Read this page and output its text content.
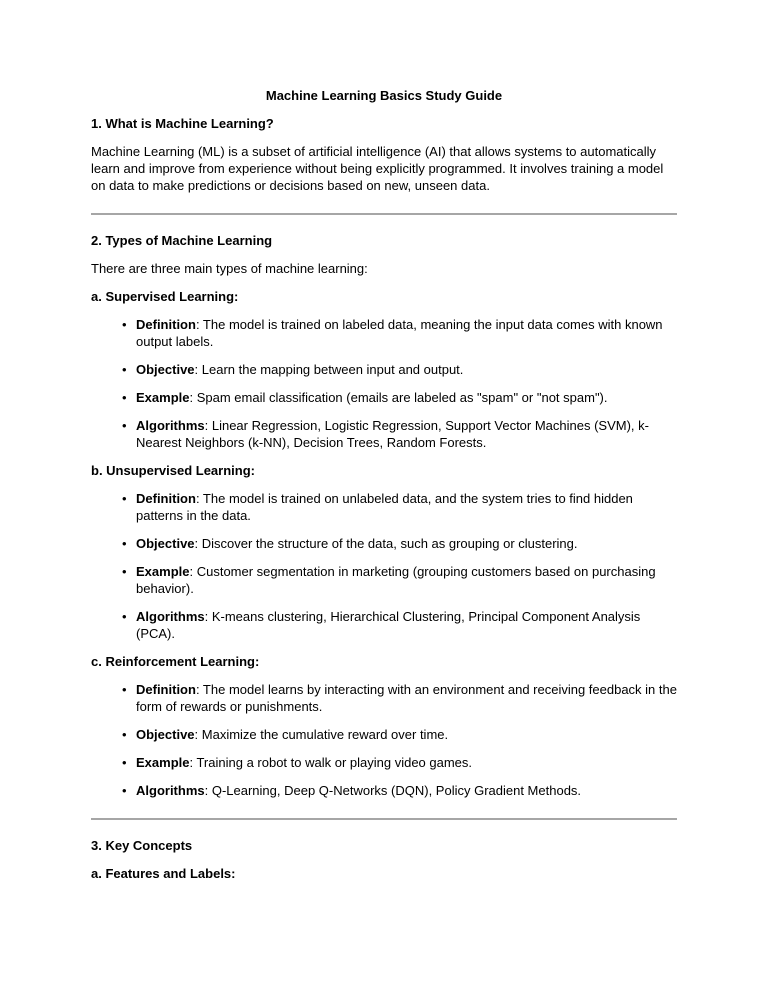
Machine Learning Basics Study Guide
1. What is Machine Learning?
Machine Learning (ML) is a subset of artificial intelligence (AI) that allows systems to automatically learn and improve from experience without being explicitly programmed. It involves training a model on data to make predictions or decisions based on new, unseen data.
2. Types of Machine Learning
There are three main types of machine learning:
a. Supervised Learning:
• Definition: The model is trained on labeled data, meaning the input data comes with known output labels.
• Objective: Learn the mapping between input and output.
• Example: Spam email classification (emails are labeled as "spam" or "not spam").
• Algorithms: Linear Regression, Logistic Regression, Support Vector Machines (SVM), k-Nearest Neighbors (k-NN), Decision Trees, Random Forests.
b. Unsupervised Learning:
• Definition: The model is trained on unlabeled data, and the system tries to find hidden patterns in the data.
• Objective: Discover the structure of the data, such as grouping or clustering.
• Example: Customer segmentation in marketing (grouping customers based on purchasing behavior).
• Algorithms: K-means clustering, Hierarchical Clustering, Principal Component Analysis (PCA).
c. Reinforcement Learning:
• Definition: The model learns by interacting with an environment and receiving feedback in the form of rewards or punishments.
• Objective: Maximize the cumulative reward over time.
• Example: Training a robot to walk or playing video games.
• Algorithms: Q-Learning, Deep Q-Networks (DQN), Policy Gradient Methods.
3. Key Concepts
a. Features and Labels:
